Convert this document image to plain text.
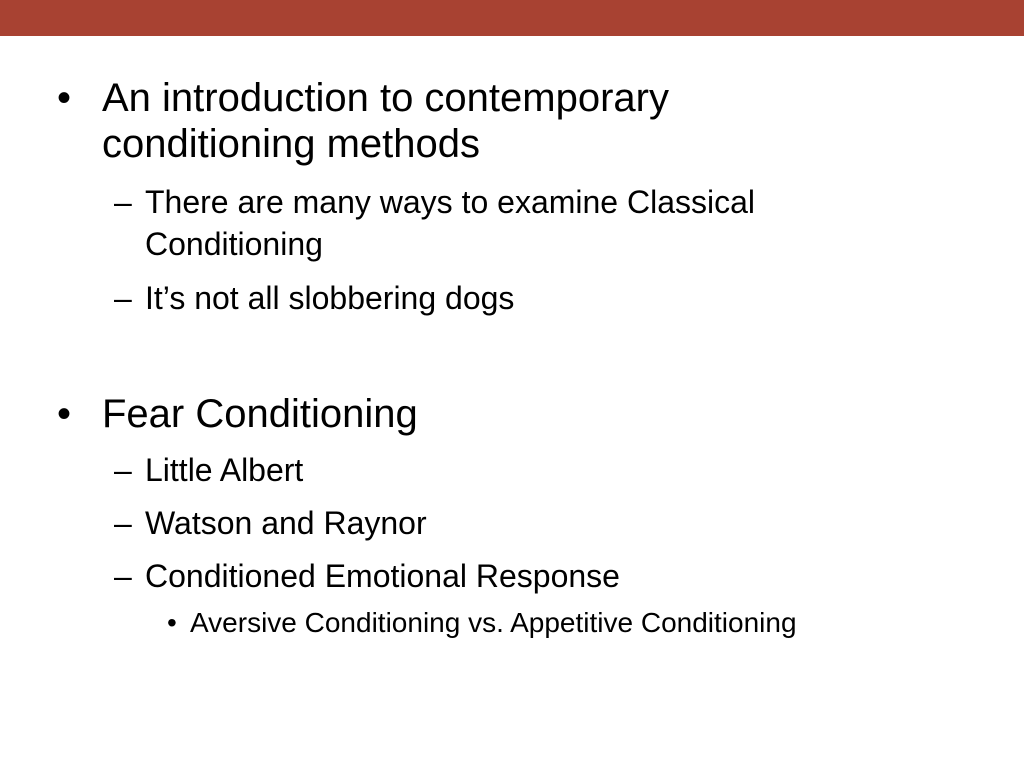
• An introduction to contemporary
conditioning methods
– There are many ways to examine Classical
Conditioning
– It’s not all slobbering dogs
• Fear Conditioning
– Little Albert
– Watson and Raynor
– Conditioned Emotional Response
• Aversive Conditioning vs. Appetitive Conditioning
